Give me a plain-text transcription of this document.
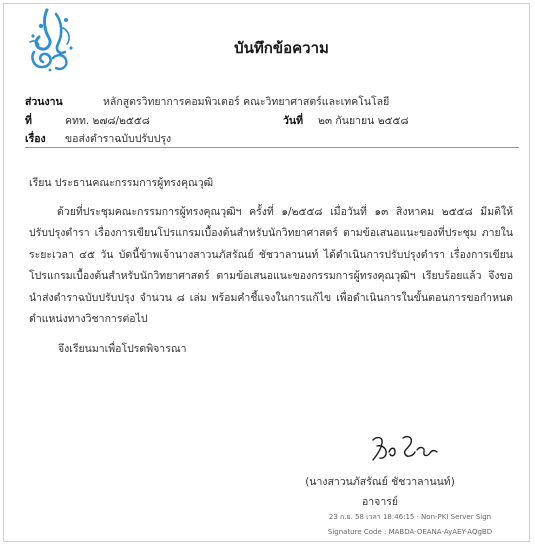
บันทึกข้อความ
ส่วนงาน	หลักสูตรวิทยาการคอมพิวเตอร์ คณะวิทยาศาสตร์และเทคโนโลยี
ที่	คทท. ๒๗๘/๒๕๕๘	วันที่ ๒๓ กันยายน ๒๕๕๘
เรื่อง ขอส่งตำราฉบับปรับปรุง
เรียน ประธานคณะกรรมการผู้ทรงคุณวุฒิ
ด้วยที่ประชุมคณะกรรมการผู้ทรงคุณวุฒิฯ ครั้งที่ ๑/๒๕๕๘ เมื่อวันที่ ๑๓ สิงหาคม ๒๕๕๘ มีมติให้ปรับปรุงตำรา เรื่องการเขียนโปรแกรมเบื้องต้นสำหรับนักวิทยาศาสตร์ ตามข้อเสนอแนะของที่ประชุม ภายในระยะเวลา ๔๕ วัน บัดนี้ข้าพเจ้านางสาวนภัสรัณย์ ชัชวาลานนท์ ได้ดำเนินการปรับปรุงตำรา เรื่องการเขียนโปรแกรมเบื้องต้นสำหรับนักวิทยาศาสตร์ ตามข้อเสนอแนะของกรรมการผู้ทรงคุณวุฒิฯ เรียบร้อยแล้ว จึงขอนำส่งตำราฉบับปรับปรุง จำนวน ๘ เล่ม พร้อมคำชี้แจงในการแก้ไข เพื่อดำเนินการในขั้นตอนการขอกำหนดตำแหน่งทางวิชาการต่อไป
จึงเรียนมาเพื่อโปรดพิจารณา
(นางสาวนภัสรัณย์ ชัชวาลานนท์)
อาจารย์
23 ก.ย. 58 เวลา 18:46:15 · Non-PKI Server Sign
Signature Code : MABDA-OEANA-AyAEY-AQgBD
